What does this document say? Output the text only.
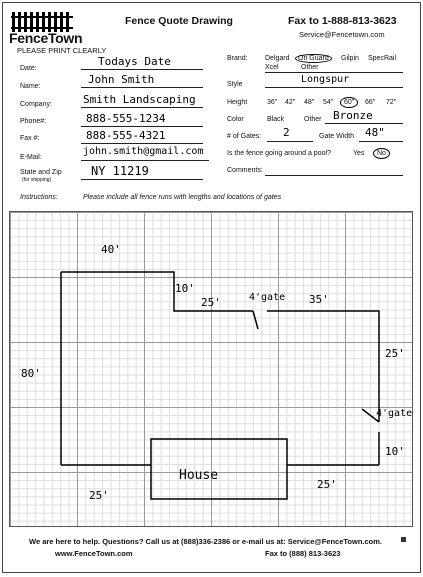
FenceTown
Fence Quote Drawing	Fax to 1-888-813-3623
Service@Fencetown.com
PLEASE PRINT CLEARLY
Date:
Todays Date
Name:
John Smith
Company:	Smith Landscaping
Phone#:	888-555-1234
Fax #:	888-555-4321
E-Mail:
john.smith@gmail.com
State and Zip
(for shipping)
NY 11219
Brand: Delgard	On Guard	Gilpin SpecRail
Xcel	Other
Style	Longspur
Height	36" 42" 48" 54"	60"	66" 72"
Color	Black	Other Bronze
# of Gates: 2	Gate Width 48"
Is the fence going around a pool?	Yes	No
Comments:
Instructions:	Please include all fence runs with lengths and locations of gates
40'
80'
10'
25'	4'gate 35'
25'
4'gate
10'
House
25'
25'
We are here to help. Questions? Call us at (888)336-2386 or e-mail us at: Service@FenceTown.com.
www.FenceTown.com	Fax to (888) 813-3623
